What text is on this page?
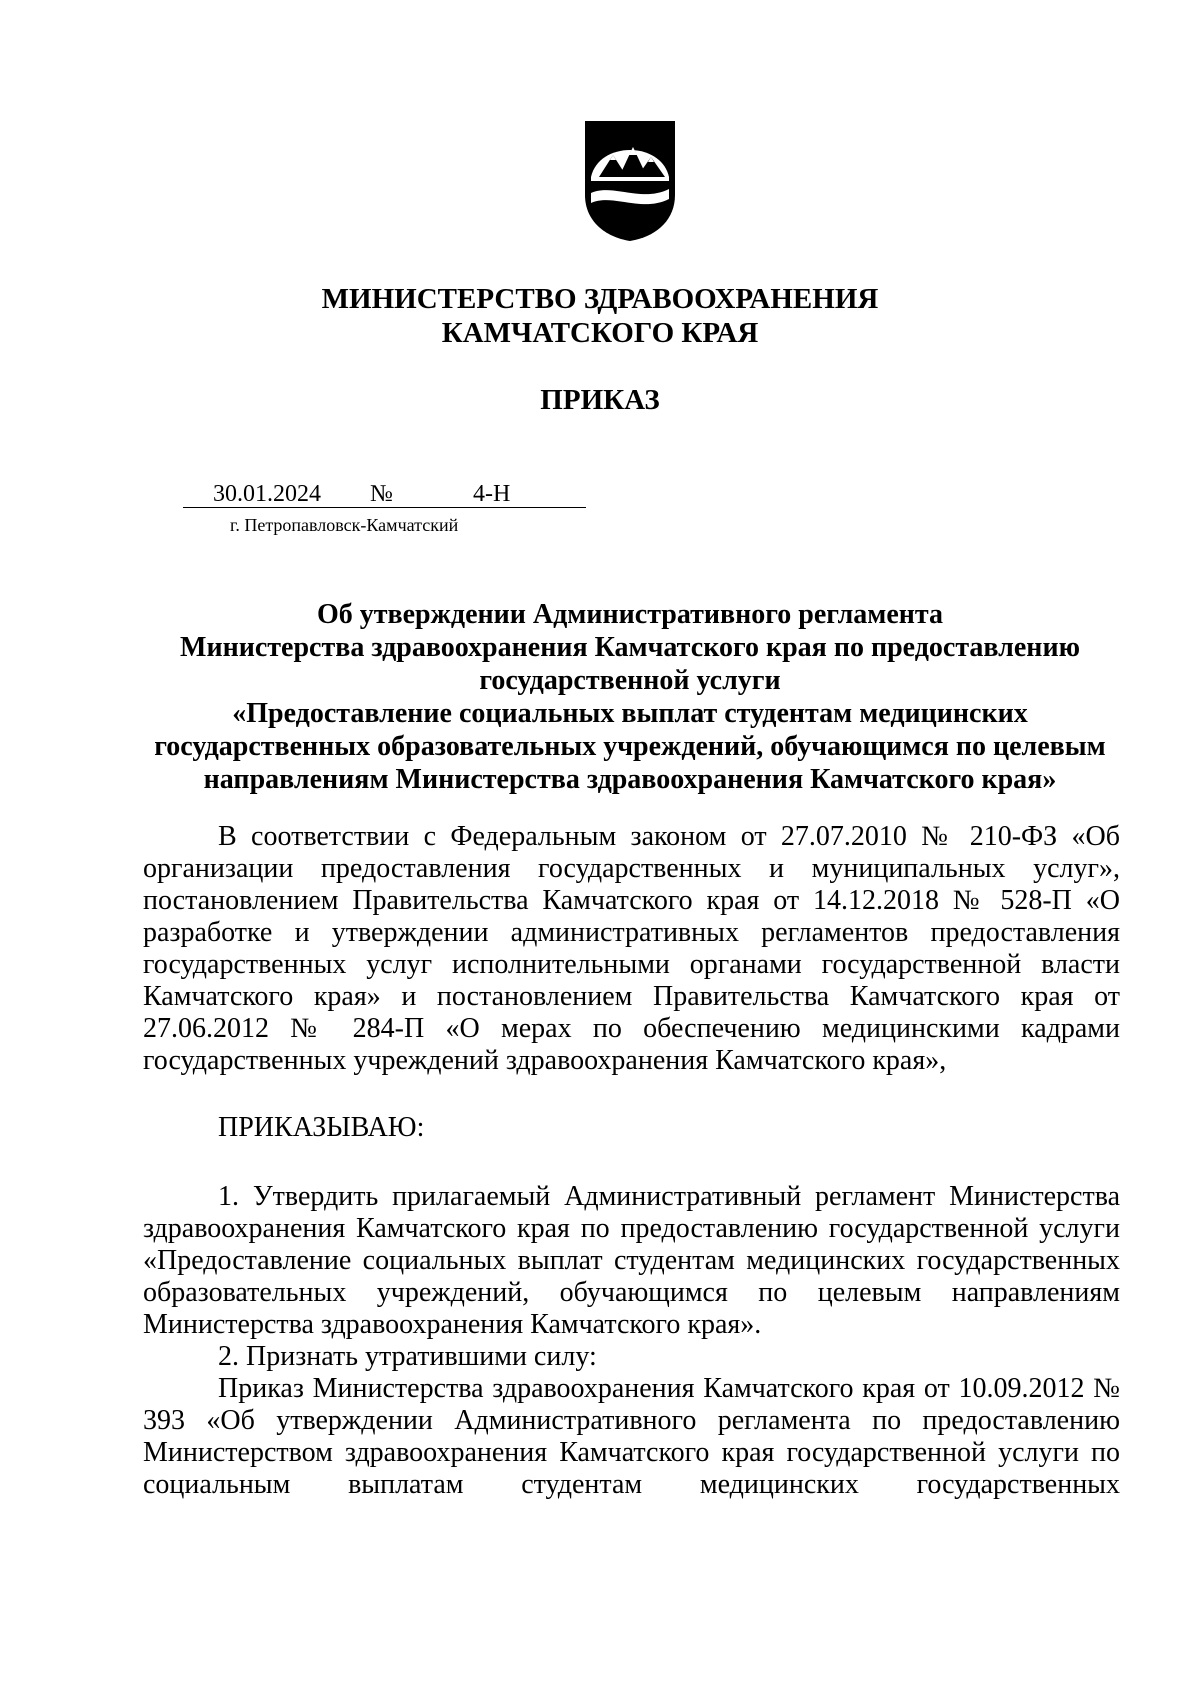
МИНИСТЕРСТВО ЗДРАВООХРАНЕНИЯ
КАМЧАТСКОГО КРАЯ
ПРИКАЗ
30.01.2024 №	4-Н
г. Петропавловск-Камчатский
Об утверждении Административного регламента
Министерства здравоохранения Камчатского края по предоставлению
государственной услуги
«Предоставление социальных выплат студентам медицинских
государственных образовательных учреждений, обучающимся по целевым
направлениям Министерства здравоохранения Камчатского края»
В соответствии с Федеральным законом от 27.07.2010 № 210-ФЗ «Об
организации предоставления государственных и муниципальных услуг»,
постановлением Правительства Камчатского края от 14.12.2018 № 528-П «О
разработке и утверждении административных регламентов предоставления
государственных услуг исполнительными органами государственной власти
Камчатского края» и постановлением Правительства Камчатского края от
27.06.2012 № 284-П «О мерах по обеспечению медицинскими кадрами
государственных учреждений здравоохранения Камчатского края»,
ПРИКАЗЫВАЮ:
1. Утвердить прилагаемый Административный регламент Министерства
здравоохранения Камчатского края по предоставлению государственной услуги
«Предоставление социальных выплат студентам медицинских государственных
образовательных учреждений, обучающимся по целевым направлениям
Министерства здравоохранения Камчатского края».
2. Признать утратившими силу:
Приказ Министерства здравоохранения Камчатского края от 10.09.2012 №
393 «Об утверждении Административного регламента по предоставлению
Министерством здравоохранения Камчатского края государственной услуги по
социальным выплатам студентам медицинских государственных
